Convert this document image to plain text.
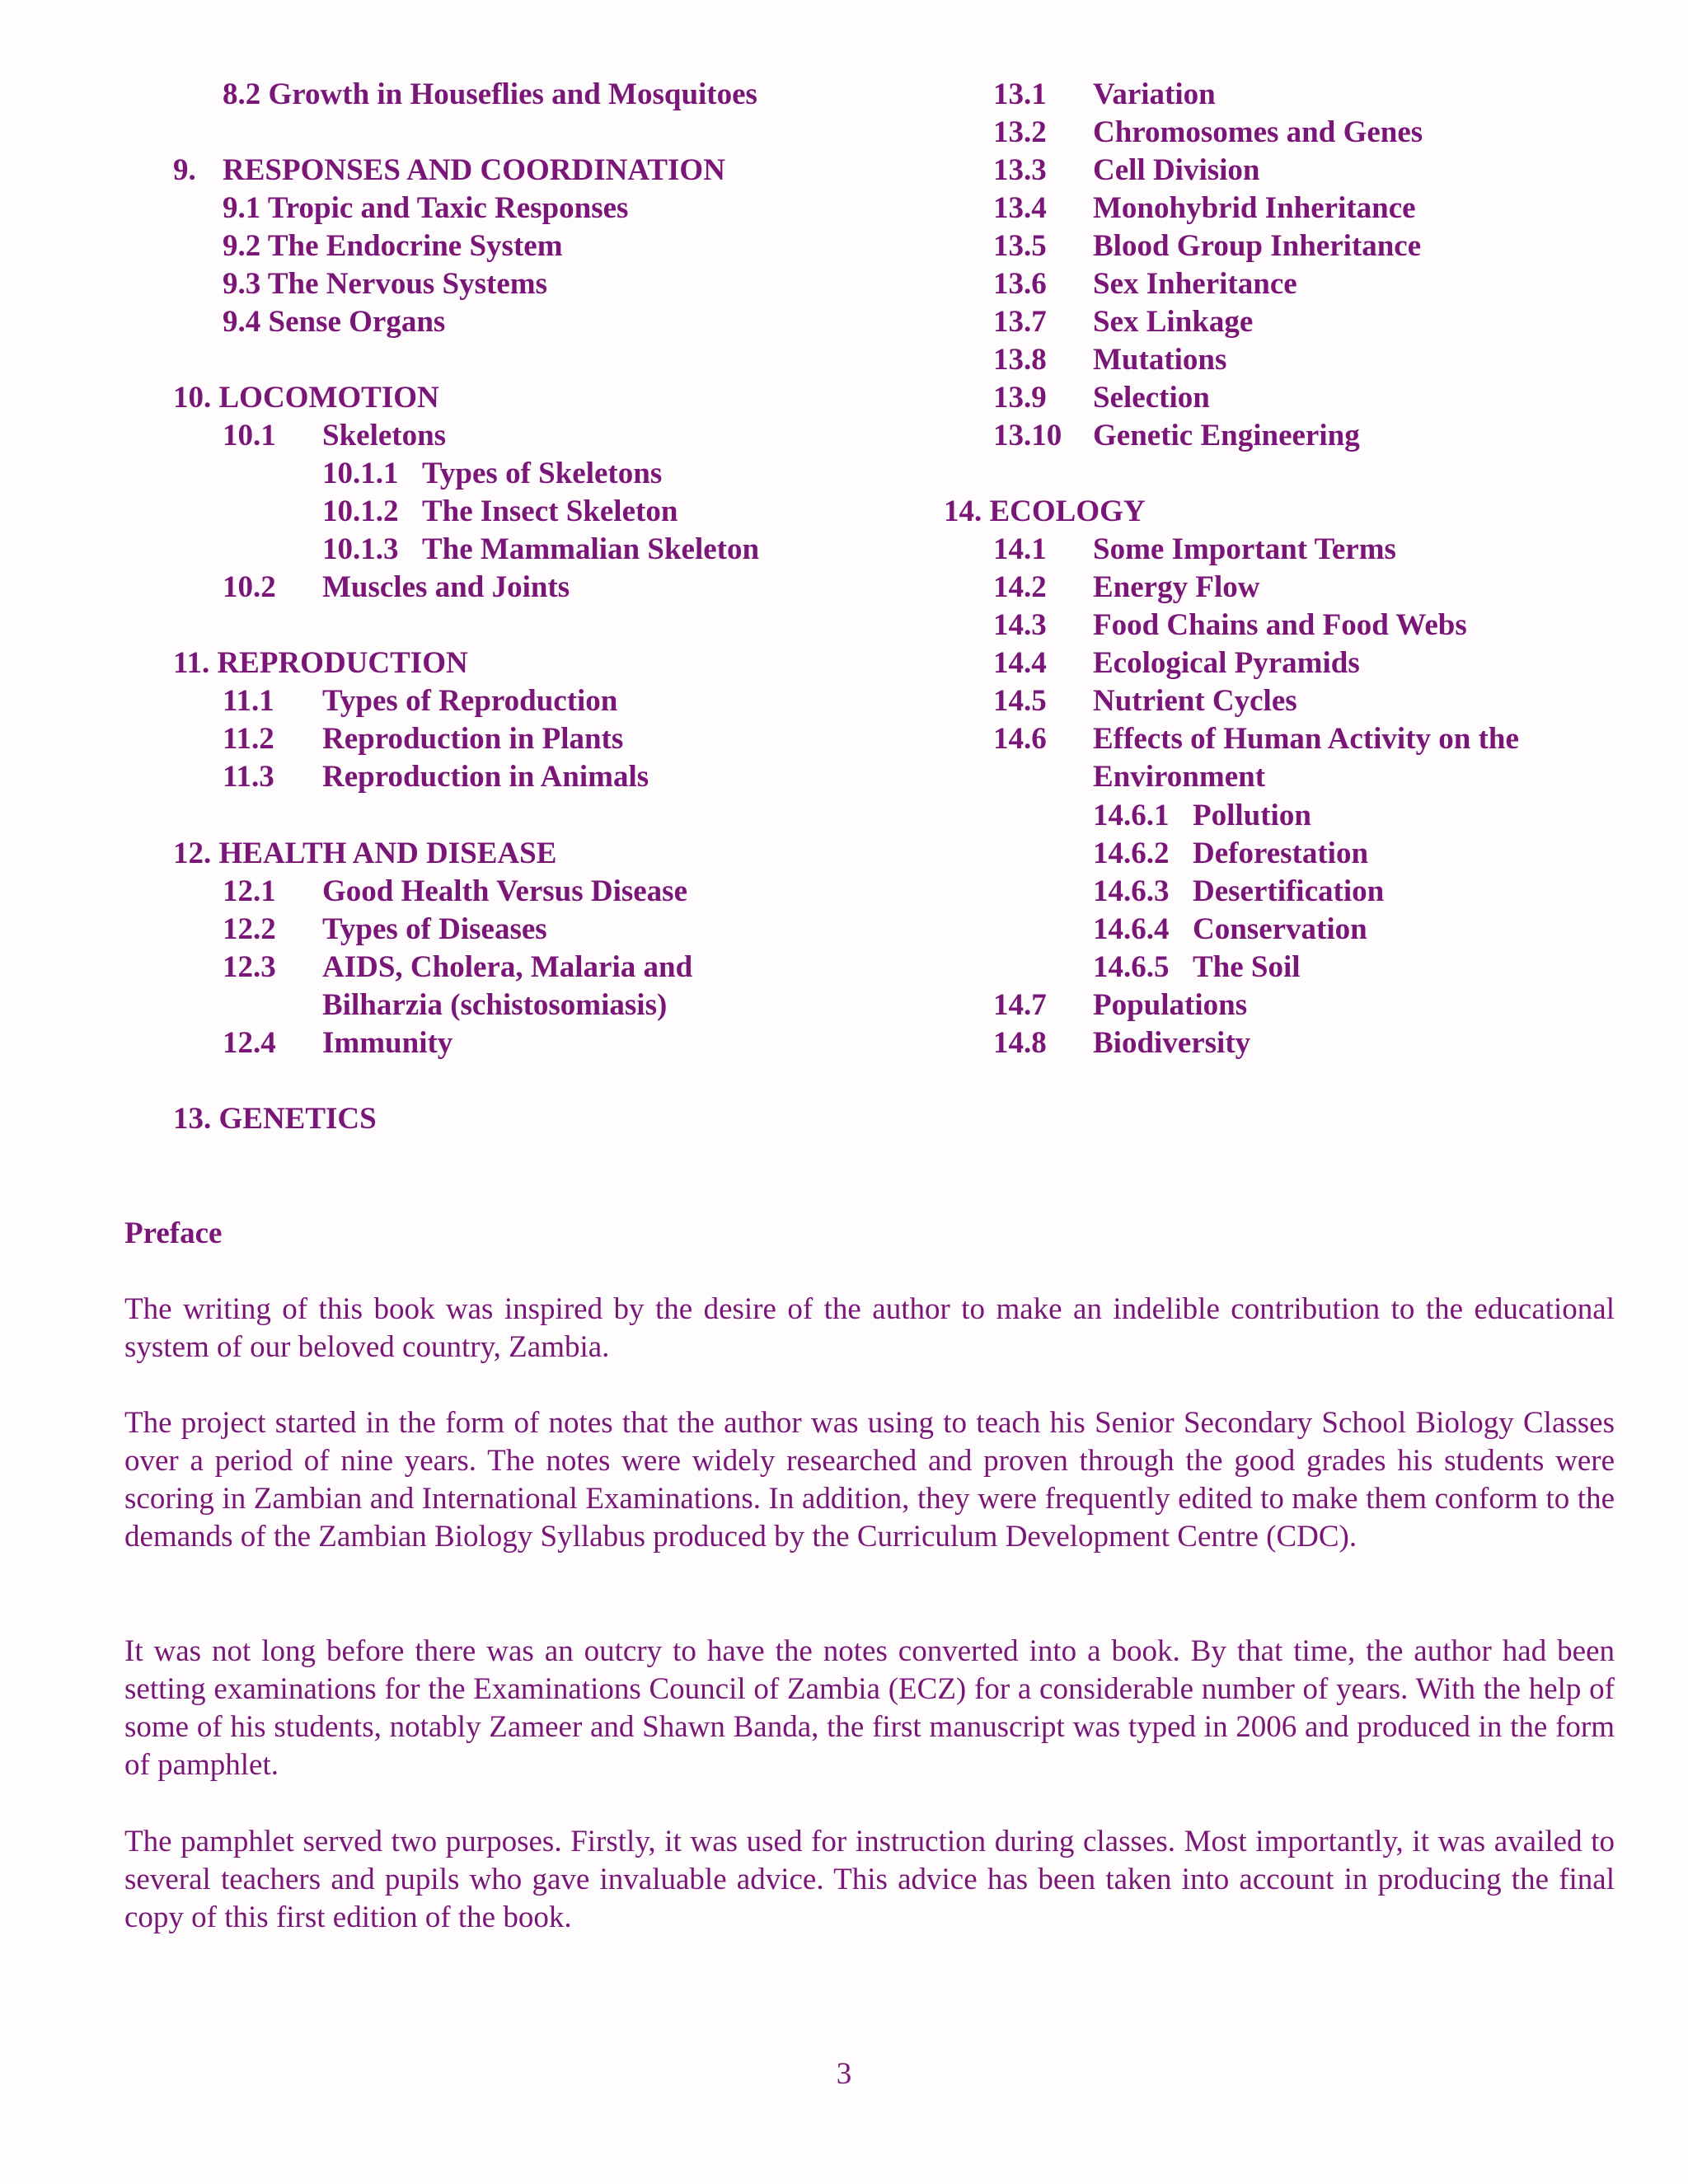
8.2 Growth in Houseflies and Mosquitoes
9. RESPONSES AND COORDINATION
9.1 Tropic and Taxic Responses
9.2 The Endocrine System
9.3 The Nervous Systems
9.4 Sense Organs
10. LOCOMOTION
10.1 Skeletons
10.1.1 Types of Skeletons
10.1.2 The Insect Skeleton
10.1.3 The Mammalian Skeleton
10.2 Muscles and Joints
11. REPRODUCTION
11.1 Types of Reproduction
11.2 Reproduction in Plants
11.3 Reproduction in Animals
12. HEALTH AND DISEASE
12.1 Good Health Versus Disease
12.2 Types of Diseases
12.3 AIDS, Cholera, Malaria and
Bilharzia (schistosomiasis)
12.4 Immunity
13. GENETICS
13.1 Variation
13.2 Chromosomes and Genes
13.3 Cell Division
13.4 Monohybrid Inheritance
13.5 Blood Group Inheritance
13.6 Sex Inheritance
13.7 Sex Linkage
13.8 Mutations
13.9 Selection
13.10 Genetic Engineering
14. ECOLOGY
14.1 Some Important Terms
14.2 Energy Flow
14.3 Food Chains and Food Webs
14.4 Ecological Pyramids
14.5 Nutrient Cycles
14.6 Effects of Human Activity on the
Environment
14.6.1 Pollution
14.6.2 Deforestation
14.6.3 Desertification
14.6.4 Conservation
14.6.5 The Soil
14.7 Populations
14.8 Biodiversity
Preface
The writing of this book was inspired by the desire of the author to make an indelible contribution to the educational system of our beloved country, Zambia.
The project started in the form of notes that the author was using to teach his Senior Secondary School Biology Classes over a period of nine years. The notes were widely researched and proven through the good grades his students were scoring in Zambian and International Examinations. In addition, they were frequently edited to make them conform to the demands of the Zambian Biology Syllabus produced by the Curriculum Development Centre (CDC).
It was not long before there was an outcry to have the notes converted into a book. By that time, the author had been setting examinations for the Examinations Council of Zambia (ECZ) for a considerable number of years. With the help of some of his students, notably Zameer and Shawn Banda, the first manuscript was typed in 2006 and produced in the form of pamphlet.
The pamphlet served two purposes. Firstly, it was used for instruction during classes. Most importantly, it was availed to several teachers and pupils who gave invaluable advice. This advice has been taken into account in producing the final copy of this first edition of the book.
3
